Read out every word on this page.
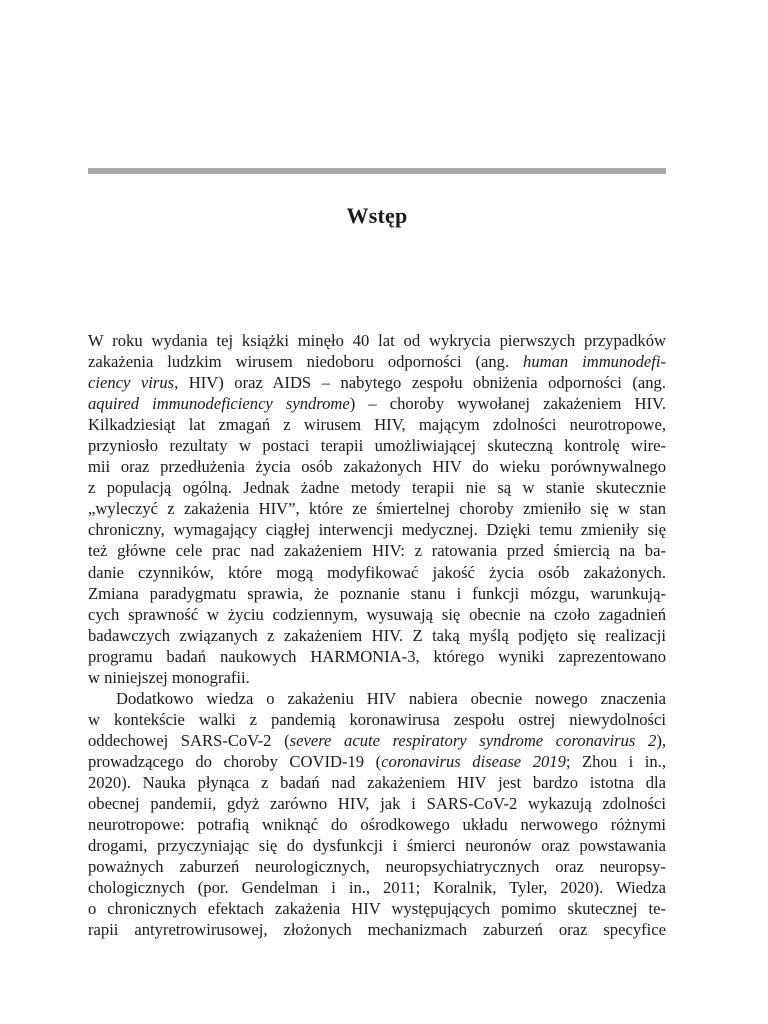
Wstęp

W roku wydania tej książki minęło 40 lat od wykrycia pierwszych przypadków
zakażenia ludzkim wirusem niedoboru odporności (ang. human immunodefi-
ciency virus, HIV) oraz AIDS – nabytego zespołu obniżenia odporności (ang.
aquired immunodeficiency syndrome) – choroby wywołanej zakażeniem HIV.
Kilkadziesiąt lat zmagań z wirusem HIV, mającym zdolności neurotropowe,
przyniosło rezultaty w postaci terapii umożliwiającej skuteczną kontrolę wire-
mii oraz przedłużenia życia osób zakażonych HIV do wieku porównywalnego
z populacją ogólną. Jednak żadne metody terapii nie są w stanie skutecznie
„wyleczyć z zakażenia HIV”, które ze śmiertelnej choroby zmieniło się w stan
chroniczny, wymagający ciągłej interwencji medycznej. Dzięki temu zmieniły się
też główne cele prac nad zakażeniem HIV: z ratowania przed śmiercią na ba-
danie czynników, które mogą modyfikować jakość życia osób zakażonych.
Zmiana paradygmatu sprawia, że poznanie stanu i funkcji mózgu, warunkują-
cych sprawność w życiu codziennym, wysuwają się obecnie na czoło zagadnień
badawczych związanych z zakażeniem HIV. Z taką myślą podjęto się realizacji
programu badań naukowych HARMONIA-3, którego wyniki zaprezentowano
w niniejszej monografii.

Dodatkowo wiedza o zakażeniu HIV nabiera obecnie nowego znaczenia
w kontekście walki z pandemią koronawirusa zespołu ostrej niewydolności
oddechowej SARS-CoV-2 (severe acute respiratory syndrome coronavirus 2),
prowadzącego do choroby COVID-19 (coronavirus disease 2019; Zhou i in.,
2020). Nauka płynąca z badań nad zakażeniem HIV jest bardzo istotna dla
obecnej pandemii, gdyż zarówno HIV, jak i SARS-CoV-2 wykazują zdolności
neurotropowe: potrafią wniknąć do ośrodkowego układu nerwowego różnymi
drogami, przyczyniając się do dysfunkcji i śmierci neuronów oraz powstawania
poważnych zaburzeń neurologicznych, neuropsychiatrycznych oraz neuropsy-
chologicznych (por. Gendelman i in., 2011; Koralnik, Tyler, 2020). Wiedza
o chronicznych efektach zakażenia HIV występujących pomimo skutecznej te-
rapii antyretrowirusowej, złożonych mechanizmach zaburzeń oraz specyfice
